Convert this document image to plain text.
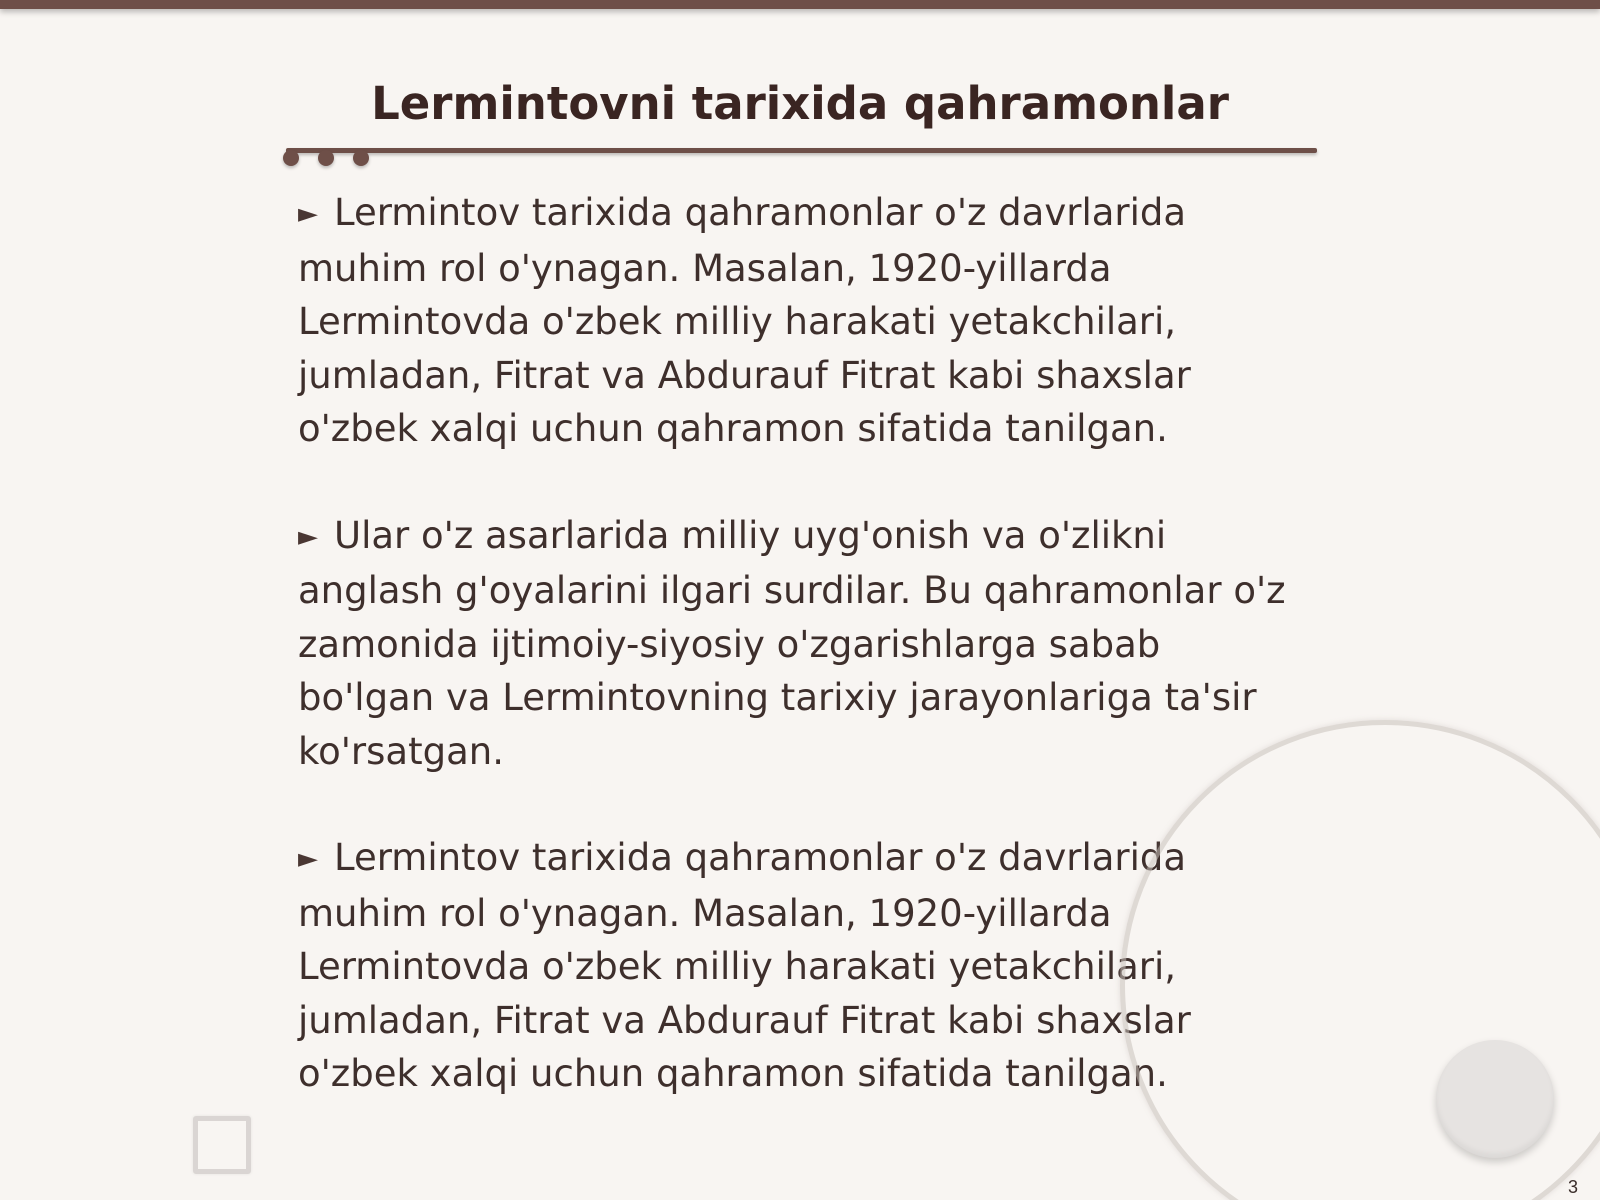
Lermintovni tarixida qahramonlar

► Lermintov tarixida qahramonlar o'z davrlarida muhim rol o'ynagan. Masalan, 1920-yillarda Lermintovda o'zbek milliy harakati yetakchilari, jumladan, Fitrat va Abdurauf Fitrat kabi shaxslar o'zbek xalqi uchun qahramon sifatida tanilgan.

► Ular o'z asarlarida milliy uyg'onish va o'zlikni anglash g'oyalarini ilgari surdilar. Bu qahramonlar o'z zamonida ijtimoiy-siyosiy o'zgarishlarga sabab bo'lgan va Lermintovning tarixiy jarayonlariga ta'sir ko'rsatgan.

► Lermintov tarixida qahramonlar o'z davrlarida muhim rol o'ynagan. Masalan, 1920-yillarda Lermintovda o'zbek milliy harakati yetakchilari, jumladan, Fitrat va Abdurauf Fitrat kabi shaxslar o'zbek xalqi uchun qahramon sifatida tanilgan.

3
